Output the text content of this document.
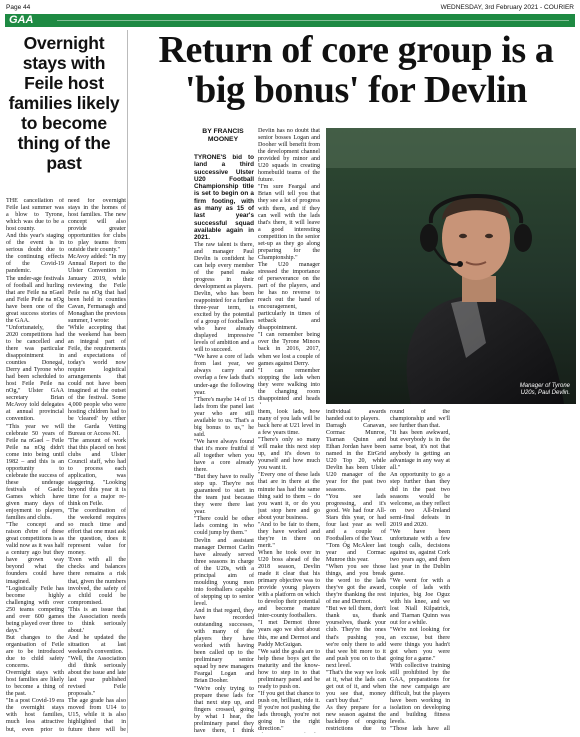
Page 44	WEDNESDAY, 3rd February 2021 - COURIER
GAA
Overnight stays with Feile host families likely to become thing of the past

THE cancellation of Feile last summer was a blow to Tyrone, which was due to be a host county.

And this year's staging of the event is in serious doubt due to the continuing effects of the Covid-19 pandemic.

The under-age festivals of football and hurling that are Feile na nGael and Feile Peile na nOg have been one of the great success stories of the GAA.

"Unfortunately, the 2020 competitions had to be cancelled and there was particular disappointment in counties Donegal, Derry and Tyrone who had been scheduled to host Feile Peile na nOg," Ulster GAA secretary Brian McAvoy told delegates at annual provincial convention.

"This year we will celebrate 50 years of Feile na nGael – Feile Peile na nOg didn't come into being until 1982 – and this is an opportunity to celebrate the success of these underage festivals of Gaelic Games which have given many days of enjoyment to players, families and clubs.

"The concept and raison d'etre of these great competitions is as valid now as it was half a century ago but they have grown way beyond what the founders could have imagined.

"Logistically Feile has become highly challenging with over 250 teams competing and over 600 games being played over three days."

But changes to the organisation of Feile are to be introduced due to child safety concerns.

Overnight stays with host families are likely to become a thing of the past.

"In a post Covid-19 era the overnight stays with host families, much less attractive but, even prior to

need for overnight stays in the homes of host families. The new concept will also provide greater opportunities for clubs to play teams from outside their county."

McAvoy added: "In my Annual Report to the Ulster Convention in January 2019, while reviewing the Feile Peile na nOg that had been held in counties Cavan, Fermanagh and Monaghan the previous summer, I wrote:

'While accepting that the weekend has been an integral part of Feile, the requirements and expectations of today's world now require logistical arrangements that could not have been imagined at the outset of the festival. Some 4,000 people who were hosting children had to be 'cleared' by either the Garda Vetting Bureau or Access NI.

'The amount of work that this placed on host clubs and Ulster Council staff, who had to process each application, was staggering. "Looking beyond this year it is time for a major re-think on Feile.

'The coordination of the weekend requires so much time and effort that one must ask the question, does it represent value for money.

'Even with all the checks and balances there remains a risk that, given the numbers involved, the safety of a child could be compromised.

'This is an issue that the Association needs to think seriously about.'

And he updated the situation at last weekend's convention.

"Well, the Association did think seriously about the issue and late last year published revised Feile proposals."

The age grade has also moved from U14 to U15, while it is also highlighted that in future there will be

Return of core group is a 'big bonus' for Devlin
BY FRANCIS MOONEY

TYRONE'S bid to land a third successive Ulster U20 Football Championship title is set to begin on a firm footing, with as many as 15 of last year's successful squad available again in 2021.

The raw talent is there, and manager Paul Devlin is confident he can help every member of the panel make progress in their development as players.

Devlin, who has been reappointed for a further three-year term, is excited by the potential of a group of footballers who have already displayed impressive levels of ambition and a will to succeed.

"We have a core of lads from last year, we always carry and overlap a few lads that's under-age the following year.

"There's maybe 14 of 15 lads from the panel last year who are still available to us. That's a big bonus to us," he said.

"We have always found that it's more fruitful if all together when you have a core already there.

"But they have to really step up. They're not guaranteed to start in the team just because they were there last year.

"There could be other lads coming in who could jump by them."

Devlin and assistant manager Dermot Carlin have already served three seasons in charge of the U20s, with a principal aim of moulding young men into footballers capable of stepping up to senior level.

And in that regard, they have recorded outstanding successes, with many of the players they have worked with having been called up to the preliminary senior squad by new managers Feargal Logan and Brian Dooher.

"We're only trying to prepare these lads for that next step up, and fingers crossed, going by what I hear, the preliminary panel they have there, I think

Devlin has no doubt that senior bosses Logan and Dooher will benefit from the development channel provided by minor and U20 squads in creating homebuild teams of the future.

"I'm sure Feargal and Brian will tell you that they see a lot of progress with them, and if they can well with the lads that's there, it will leave a good interesting competition in the senior set-up as they go along preparing for the Championship."

The U20 manager stressed the importance of perseverance on the part of the players, and he has no reverse to reach out the hand of encouragement, particularly in times of setback and disappointment.

"I can remember being over the Tyrone Minors back in 2016, 2017, when we lost a couple of games against Derry.

"I can remember stopping the lads when they were walking into the changing room disappointed and heads

Manager of Tyrone U20s, Paul Devlin.

them, look lads, how many of you lads will be back here at U21 level in a few years time.

"There's only so many will make this next step up, and it's down to yourself and how much you want it.

"Every one of these lads that are in there at the minute has had the same thing said to them – do you want it, or do you just stop here and go about your business.

"And to be fair to them, they have worked and they're in there on merit."

When he took over in U20 boss ahead of the 2018 season, Devlin made it clear that his primary objective was to provide young players with a platform on which to develop their potential and become mature inter-county footballers.

"I met Dermot three years ago we shot about this, me and Dermot and Paddy McGuigan.

"We said the goals are to help these boys get the maturity and the know-how to step in to that preliminary panel and be ready to push on.

"If you get that chance to push on, brilliant, ride it. If you're not pushing the lads through, you're not going in the right direction."

individual awards handed out to players.

Darragh Canavan, Cormac Munroe, Tiarnan Quinn and Ethan Jordan have been named in the EirGrid U20 Top 20, while Devlin has been Ulster U20 manager of the year for the past two seasons.

"You see lads progressing, and it's good. We had four All-Stars this year, or had four last year as well and a couple of Footballers of the Year.

"Tom Óg McAleer last year and Cormac Munroe this year.

"When you see those things, and you break the word to the lads they've got the award, they're thanking the rest of me and Dermot.

"But we tell them, don't thank us, thank yourselves, thank your club. They're the ones that's pushing you, we're only there to add that wee bit more to it and push you on to that next level.

"That's the way we look at it, what the lads can get out of it, and when you see that, money can't buy that."

As they prepare for a new season against the backdrop of ongoing restrictions due to

round of the championship and we'll see further than that.

"It has been awkward, but everybody is in the same boat, it's not that anybody is getting an advantage in any way at all."

An opportunity to go a step further than they did in the past two seasons would be welcome, as they reflect on two All-Ireland semi-final defeats in 2019 and 2020.

"We have been unfortunate with a few tough calls, decisions against us, against Cork two years ago, and then last year in the Dublin game.

"We went for with a couple of lads with injuries, big Joe Oguz with his knee, and we lost Niall Kilpatrick, and Tiarnan Quinn was out for a while.

"We're not looking for an excuse, but there were things you hadn't got when you were going for a game."

With collective training still prohibited by the GAA, preparations for the new campaign are difficult, but the players have been working in isolation on developing and building fitness levels.

"Those lads have all
